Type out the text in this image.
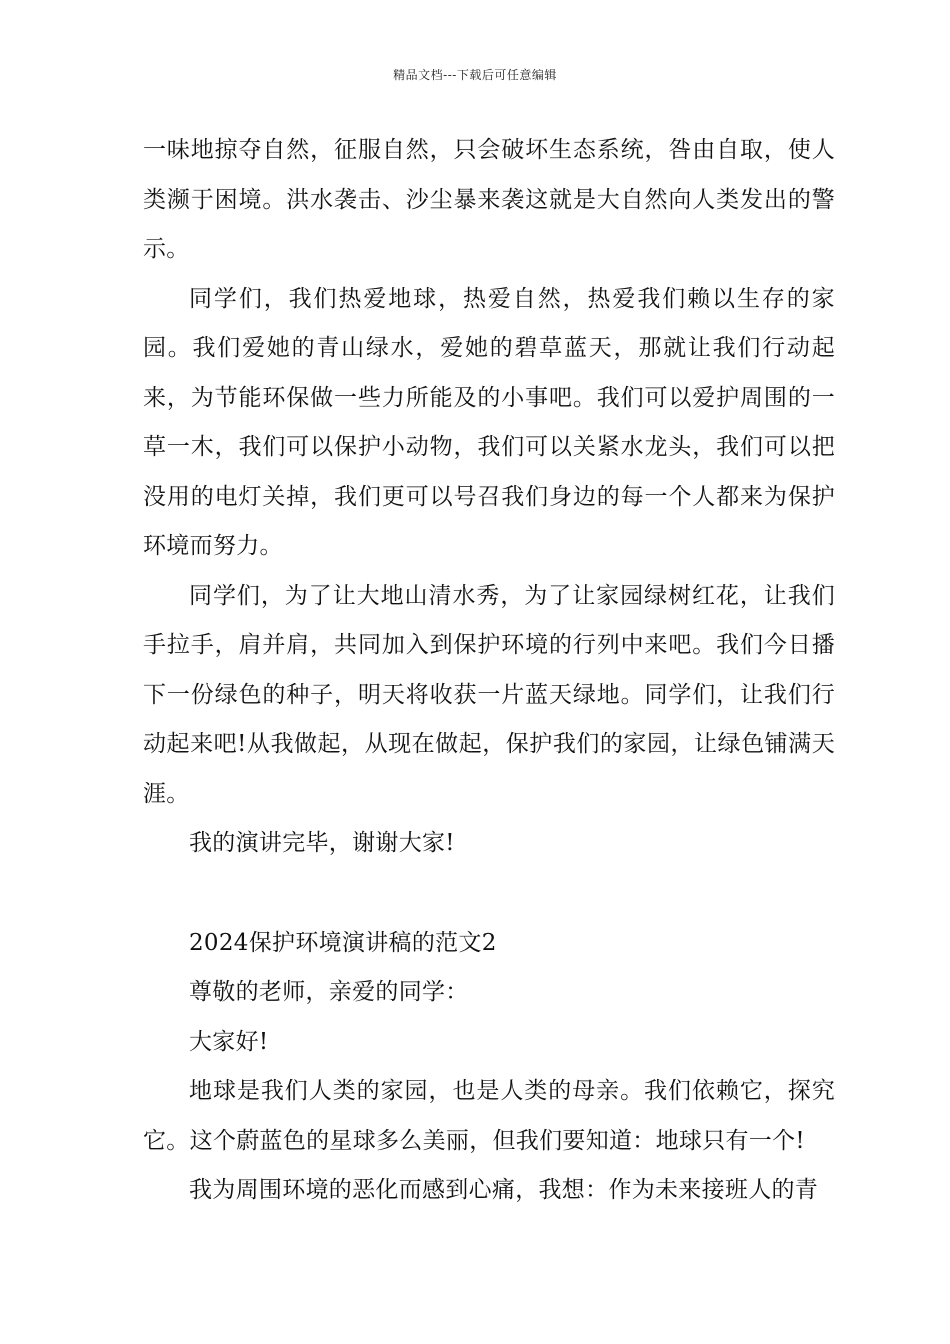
精品文档---下载后可任意编辑

一味地掠夺自然，征服自然，只会破坏生态系统，咎由自取，使人类濒于困境。洪水袭击、沙尘暴来袭这就是大自然向人类发出的警示。

同学们，我们热爱地球，热爱自然，热爱我们赖以生存的家园。我们爱她的青山绿水，爱她的碧草蓝天，那就让我们行动起来，为节能环保做一些力所能及的小事吧。我们可以爱护周围的一草一木，我们可以保护小动物，我们可以关紧水龙头，我们可以把没用的电灯关掉，我们更可以号召我们身边的每一个人都来为保护环境而努力。

同学们，为了让大地山清水秀，为了让家园绿树红花，让我们手拉手，肩并肩，共同加入到保护环境的行列中来吧。我们今日播下一份绿色的种子，明天将收获一片蓝天绿地。同学们，让我们行动起来吧!从我做起，从现在做起，保护我们的家园，让绿色铺满天涯。

我的演讲完毕，谢谢大家!

2024保护环境演讲稿的范文2

尊敬的老师，亲爱的同学：

大家好!

地球是我们人类的家园，也是人类的母亲。我们依赖它，探究它。这个蔚蓝色的星球多么美丽，但我们要知道：地球只有一个!

我为周围环境的恶化而感到心痛，我想：作为未来接班人的青
